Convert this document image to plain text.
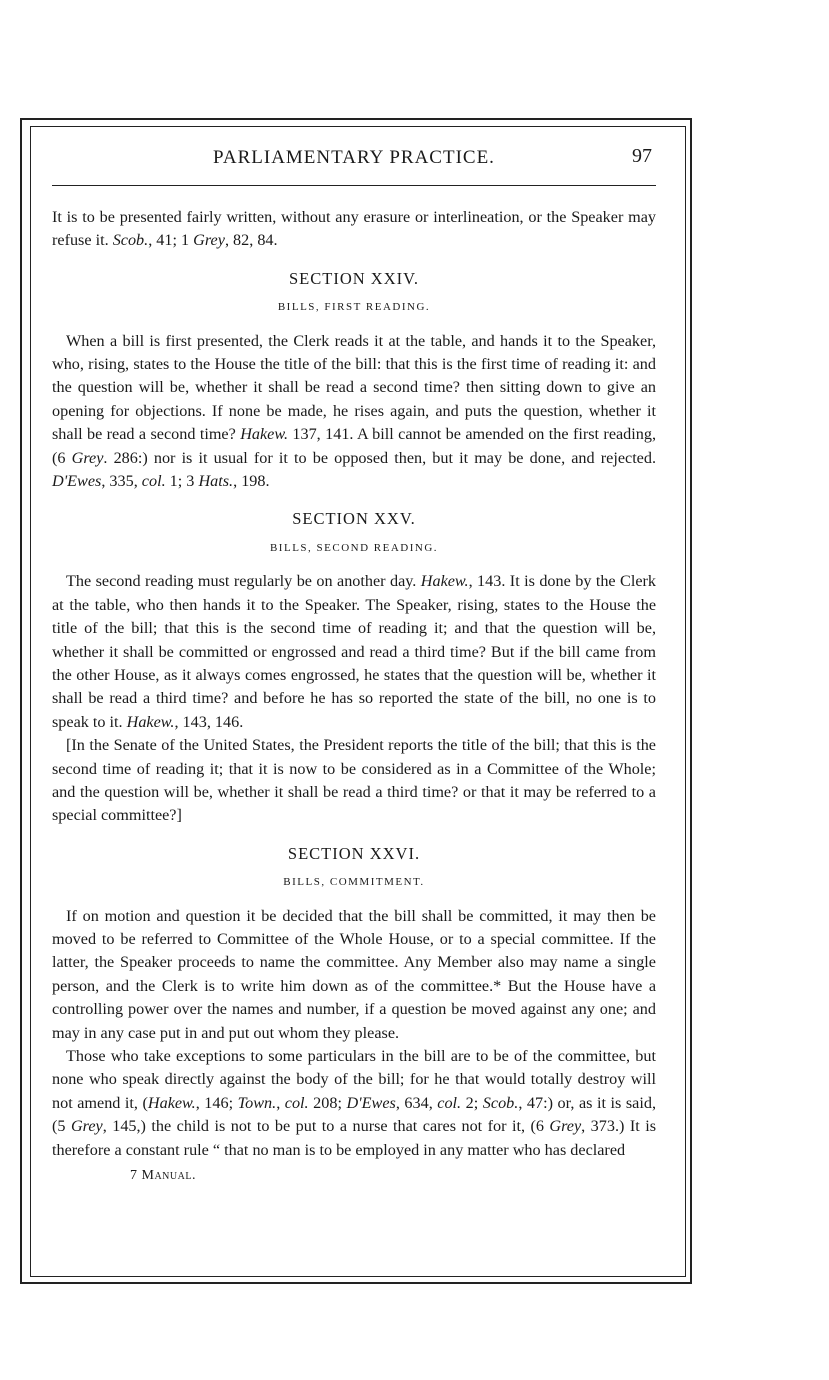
PARLIAMENTARY PRACTICE.	97

It is to be presented fairly written, without any erasure or interlineation, or the Speaker may refuse it. Scob., 41; 1 Grey, 82, 84.

SECTION XXIV.
BILLS, FIRST READING.

When a bill is first presented, the Clerk reads it at the table, and hands it to the Speaker, who, rising, states to the House the title of the bill: that this is the first time of reading it: and the question will be, whether it shall be read a second time? then sitting down to give an opening for objections. If none be made, he rises again, and puts the question, whether it shall be read a second time? Hakew. 137, 141. A bill cannot be amended on the first reading, (6 Grey. 286:) nor is it usual for it to be opposed then, but it may be done, and rejected. D'Ewes, 335, col. 1; 3 Hats., 198.

SECTION XXV.
BILLS, SECOND READING.

The second reading must regularly be on another day. Hakew., 143. It is done by the Clerk at the table, who then hands it to the Speaker. The Speaker, rising, states to the House the title of the bill; that this is the second time of reading it; and that the question will be, whether it shall be committed or engrossed and read a third time? But if the bill came from the other House, as it always comes engrossed, he states that the question will be, whether it shall be read a third time? and before he has so reported the state of the bill, no one is to speak to it. Hakew., 143, 146.

[In the Senate of the United States, the President reports the title of the bill; that this is the second time of reading it; that it is now to be considered as in a Committee of the Whole; and the question will be, whether it shall be read a third time? or that it may be referred to a special committee?]

SECTION XXVI.
BILLS, COMMITMENT.

If on motion and question it be decided that the bill shall be committed, it may then be moved to be referred to Committee of the Whole House, or to a special committee. If the latter, the Speaker proceeds to name the committee. Any Member also may name a single person, and the Clerk is to write him down as of the committee.* But the House have a controlling power over the names and number, if a question be moved against any one; and may in any case put in and put out whom they please.

Those who take exceptions to some particulars in the bill are to be of the committee, but none who speak directly against the body of the bill; for he that would totally destroy will not amend it, (Hakew., 146; Town., col. 208; D'Ewes, 634, col. 2; Scob., 47:) or, as it is said, (5 Grey, 145,) the child is not to be put to a nurse that cares not for it, (6 Grey, 373.) It is therefore a constant rule “ that no man is to be employed in any matter who has declared

7 Manual.
